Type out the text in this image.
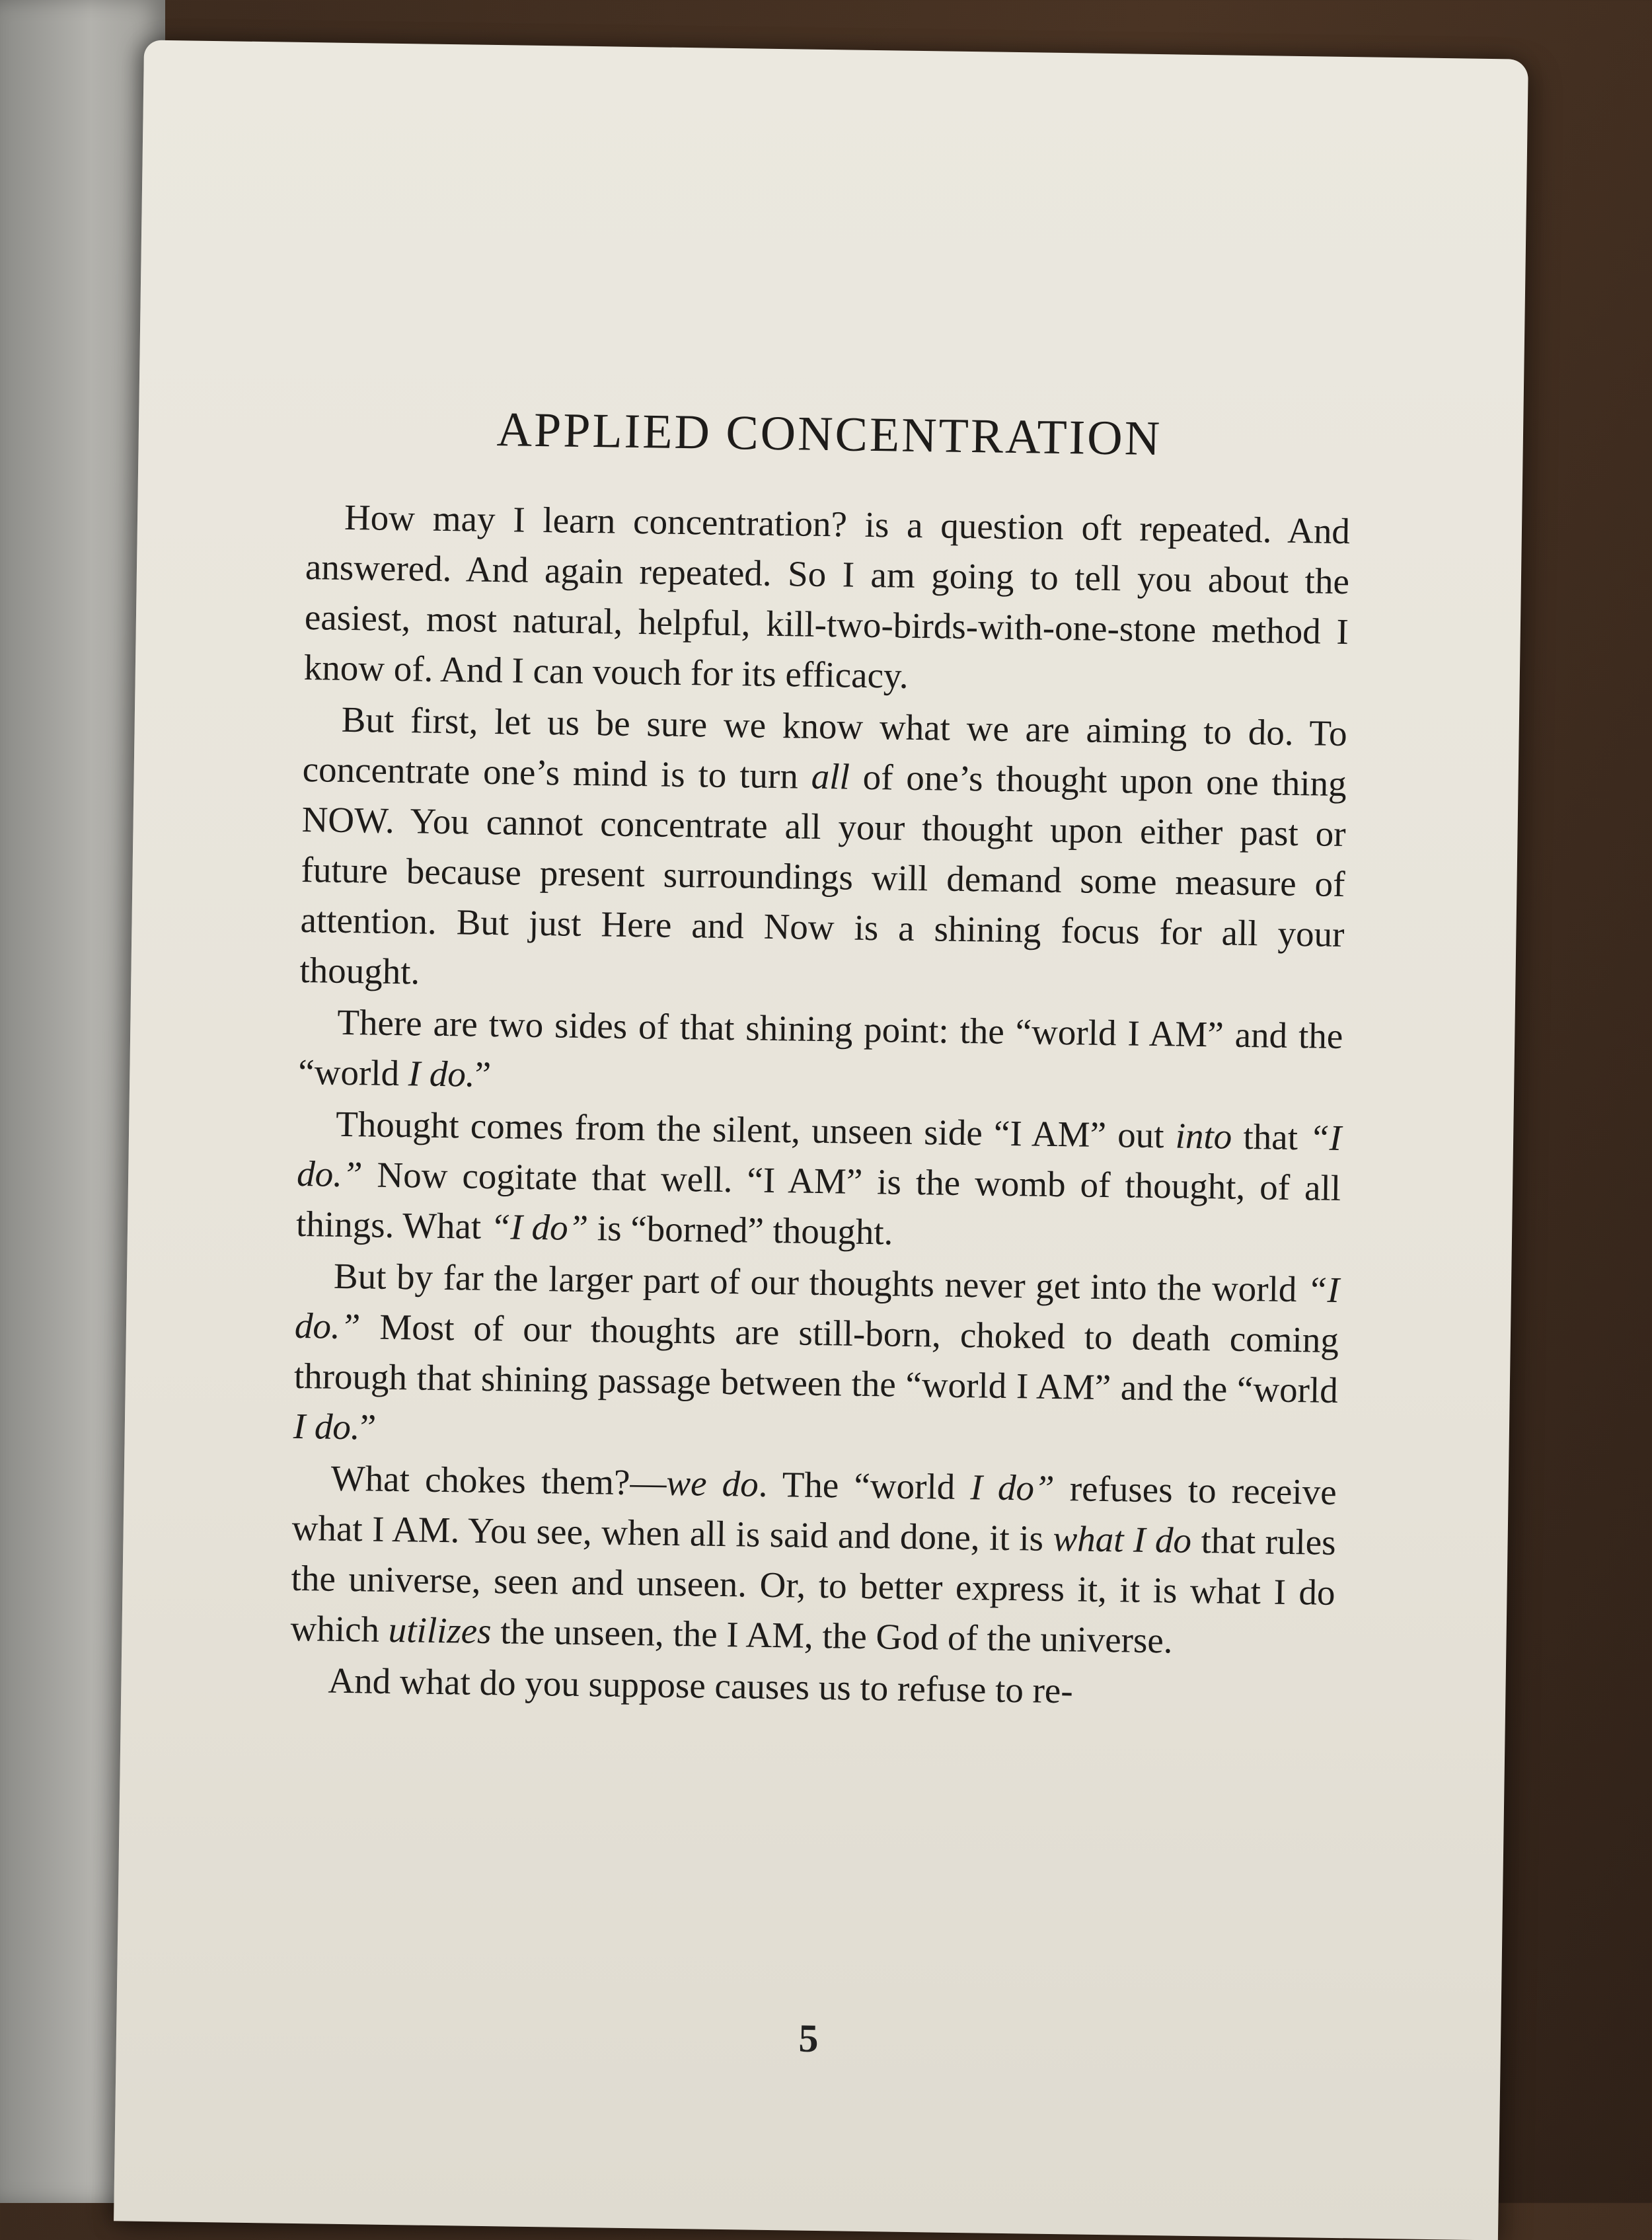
APPLIED CONCENTRATION

How may I learn concentration? is a question oft repeated. And answered. And again repeated. So I am going to tell you about the easiest, most natural, helpful, kill-two-birds-with-one-stone method I know of. And I can vouch for its efficacy.

But first, let us be sure we know what we are aiming to do. To concentrate one’s mind is to turn all of one’s thought upon one thing NOW. You cannot concentrate all your thought upon either past or future because present surroundings will demand some measure of attention. But just Here and Now is a shining focus for all your thought.

There are two sides of that shining point: the “world I AM” and the “world I do.”

Thought comes from the silent, unseen side “I AM” out into that “I do.” Now cogitate that well. “I AM” is the womb of thought, of all things. What “I do” is “borned” thought.

But by far the larger part of our thoughts never get into the world “I do.” Most of our thoughts are still-born, choked to death coming through that shining passage between the “world I AM” and the “world I do.”

What chokes them?—we do. The “world I do” refuses to receive what I AM. You see, when all is said and done, it is what I do that rules the universe, seen and unseen. Or, to better express it, it is what I do which utilizes the unseen, the I AM, the God of the universe.

And what do you suppose causes us to refuse to re-

5
